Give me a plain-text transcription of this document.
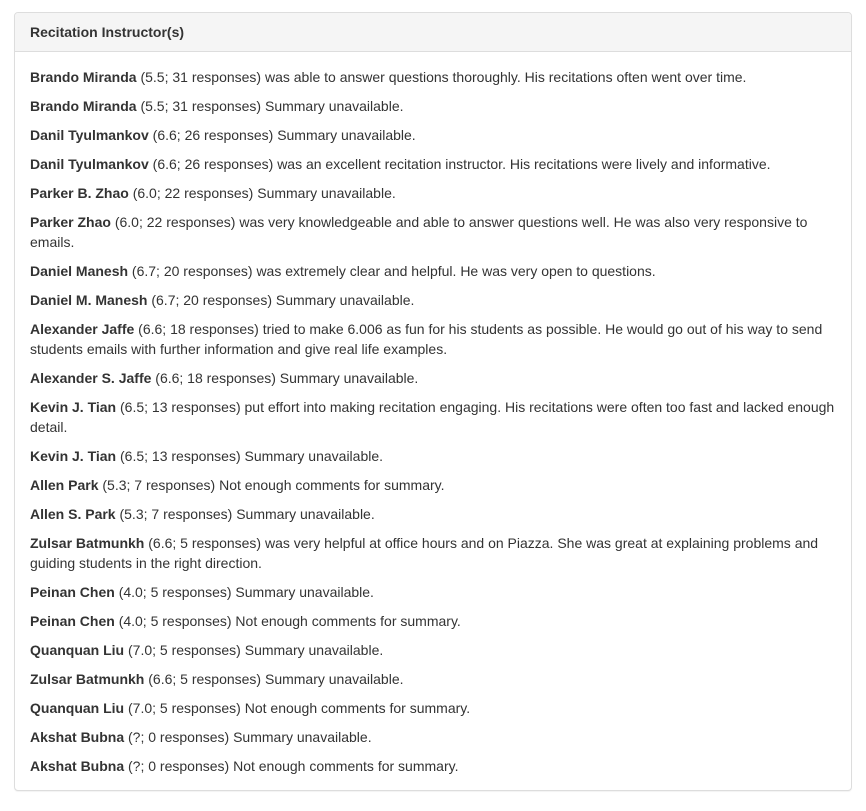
Recitation Instructor(s)

Brando Miranda (5.5; 31 responses) was able to answer questions thoroughly. His recitations often went over time.

Brando Miranda (5.5; 31 responses) Summary unavailable.

Danil Tyulmankov (6.6; 26 responses) Summary unavailable.

Danil Tyulmankov (6.6; 26 responses) was an excellent recitation instructor. His recitations were lively and informative.

Parker B. Zhao (6.0; 22 responses) Summary unavailable.

Parker Zhao (6.0; 22 responses) was very knowledgeable and able to answer questions well. He was also very responsive to emails.

Daniel Manesh (6.7; 20 responses) was extremely clear and helpful. He was very open to questions.

Daniel M. Manesh (6.7; 20 responses) Summary unavailable.

Alexander Jaffe (6.6; 18 responses) tried to make 6.006 as fun for his students as possible. He would go out of his way to send students emails with further information and give real life examples.

Alexander S. Jaffe (6.6; 18 responses) Summary unavailable.

Kevin J. Tian (6.5; 13 responses) put effort into making recitation engaging. His recitations were often too fast and lacked enough detail.

Kevin J. Tian (6.5; 13 responses) Summary unavailable.

Allen Park (5.3; 7 responses) Not enough comments for summary.

Allen S. Park (5.3; 7 responses) Summary unavailable.

Zulsar Batmunkh (6.6; 5 responses) was very helpful at office hours and on Piazza. She was great at explaining problems and guiding students in the right direction.

Peinan Chen (4.0; 5 responses) Summary unavailable.

Peinan Chen (4.0; 5 responses) Not enough comments for summary.

Quanquan Liu (7.0; 5 responses) Summary unavailable.

Zulsar Batmunkh (6.6; 5 responses) Summary unavailable.

Quanquan Liu (7.0; 5 responses) Not enough comments for summary.

Akshat Bubna (?; 0 responses) Summary unavailable.

Akshat Bubna (?; 0 responses) Not enough comments for summary.
